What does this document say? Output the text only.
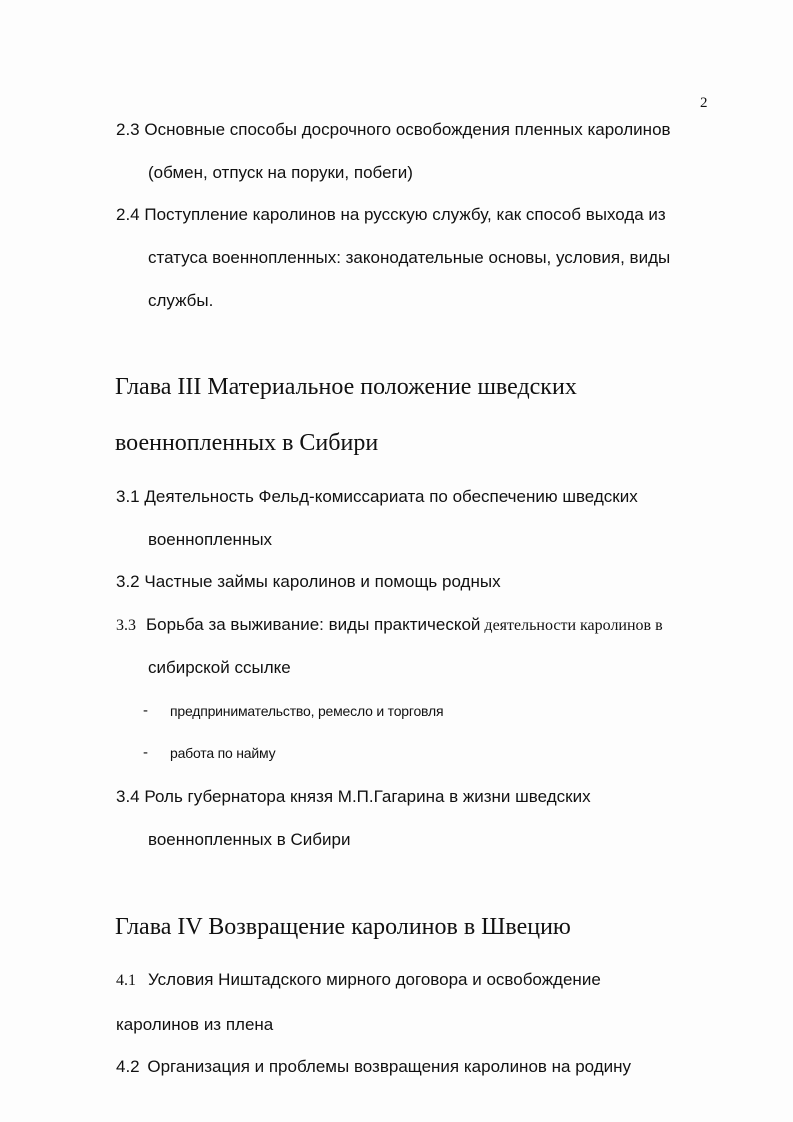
2
2.3 Основные способы досрочного освобождения пленных каролинов
(обмен, отпуск на поруки, побеги)
2.4 Поступление каролинов на русскую службу, как способ выхода из
статуса военнопленных: законодательные основы, условия, виды
службы.
Глава III Материальное положение шведских
военнопленных в Сибири
3.1 Деятельность Фельд-комиссариата по обеспечению шведских
военнопленных
3.2 Частные займы каролинов и помощь родных
3.3 Борьба за выживание: виды практической деятельности каролинов в
сибирской ссылке
- предпринимательство, ремесло и торговля
- работа по найму
3.4 Роль губернатора князя М.П.Гагарина в жизни шведских
военнопленных в Сибири
Глава IV Возвращение каролинов в Швецию
4.1 Условия Ништадского мирного договора и освобождение
каролинов из плена
4.2 Организация и проблемы возвращения каролинов на родину
